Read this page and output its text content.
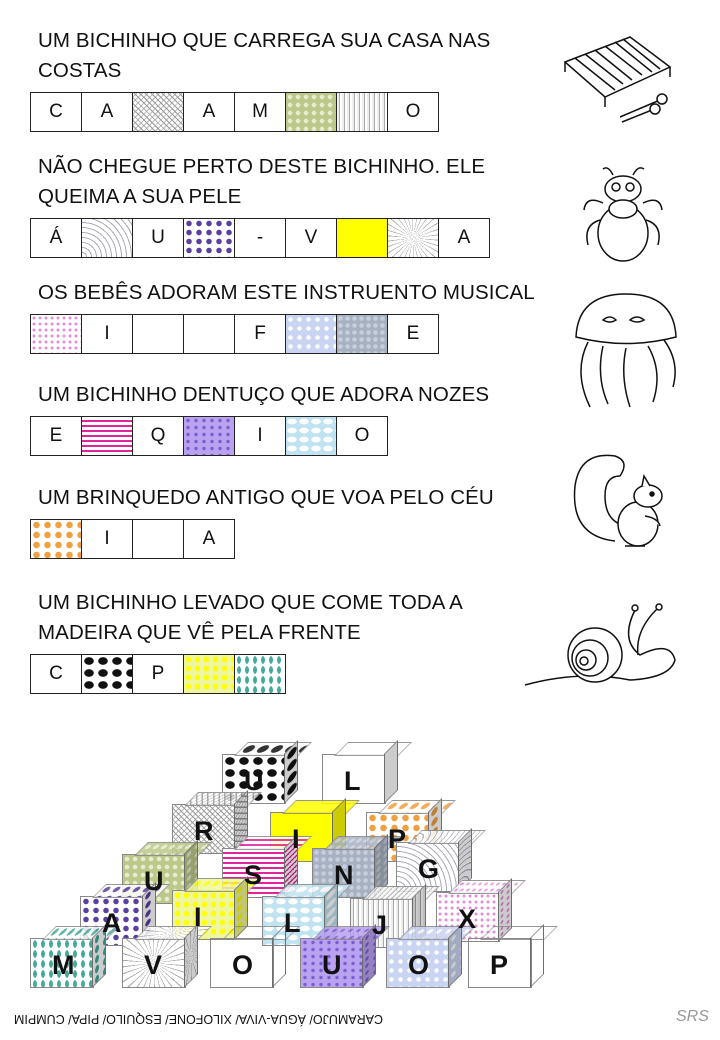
UM BICHINHO QUE CARREGA SUA CASA NAS
COSTAS
C A	A M	O
NÃO CHEGUE PERTO DESTE BICHINHO. ELE
QUEIMA A SUA PELE
Á	U	- V	A
OS BEBÊS ADORAM ESTE INSTRUENTO MUSICAL
I	F	E
UM BICHINHO DENTUÇO QUE ADORA NOZES
E	Q	I	O
UM BRINQUEDO ANTIGO QUE VOA PELO CÉU
I	A
UM BICHINHO LEVADO QUE COME TODA A
MADEIRA QUE VÊ PELA FRENTE
C	P
U	L
R	I	P
U	S	N G
A	I	L	J	X
M	V	O	U O P
CARAMUJO/ ÁGUA-VIVA/ XILOFONE/ ESQUILO/ PIPA/ CUMPIM	SRS
